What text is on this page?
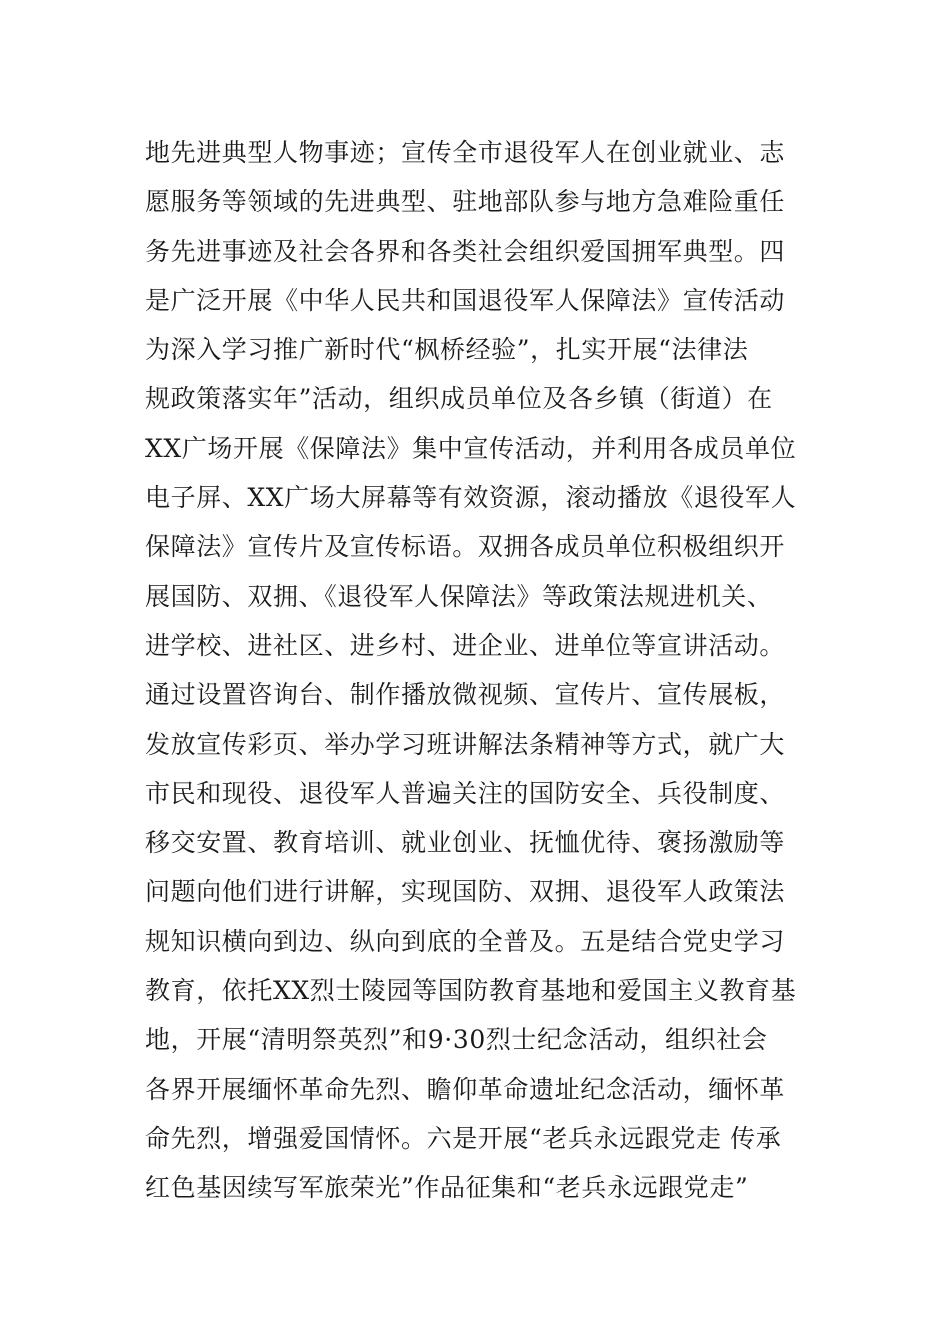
地先进典型人物事迹；宣传全市退役军人在创业就业、志
愿服务等领域的先进典型、驻地部队参与地方急难险重任
务先进事迹及社会各界和各类社会组织爱国拥军典型。四
是广泛开展《中华人民共和国退役军人保障法》宣传活动
为深入学习推广新时代“枫桥经验”，扎实开展“法律法
规政策落实年”活动，组织成员单位及各乡镇（街道）在
XX广场开展《保障法》集中宣传活动，并利用各成员单位
电子屏、XX广场大屏幕等有效资源，滚动播放《退役军人
保障法》宣传片及宣传标语。双拥各成员单位积极组织开
展国防、双拥、《退役军人保障法》等政策法规进机关、
进学校、进社区、进乡村、进企业、进单位等宣讲活动。
通过设置咨询台、制作播放微视频、宣传片、宣传展板，
发放宣传彩页、举办学习班讲解法条精神等方式，就广大
市民和现役、退役军人普遍关注的国防安全、兵役制度、
移交安置、教育培训、就业创业、抚恤优待、褒扬激励等
问题向他们进行讲解，实现国防、双拥、退役军人政策法
规知识横向到边、纵向到底的全普及。五是结合党史学习
教育，依托XX烈士陵园等国防教育基地和爱国主义教育基
地，开展“清明祭英烈”和9·30烈士纪念活动，组织社会
各界开展缅怀革命先烈、瞻仰革命遗址纪念活动，缅怀革
命先烈，增强爱国情怀。六是开展“老兵永远跟党走 传承
红色基因续写军旅荣光”作品征集和“老兵永远跟党走”
